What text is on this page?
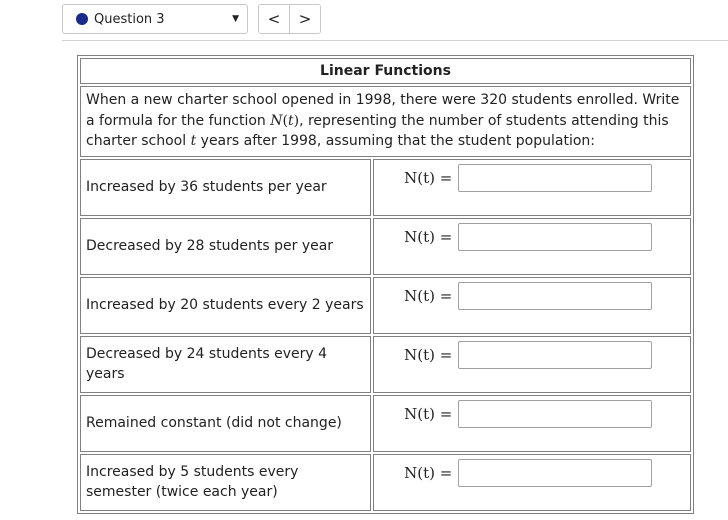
Question 3	▼	<	>
Linear Functions	
When a new charter school opened in 1998, there were 320 students enrolled. Write a formula for the function N(t), representing the number of students attending this charter school t years after 1998, assuming that the student population:	
Increased by 36 students per year	N(t) =

Decreased by 28 students per year	N(t) =

Increased by 20 students every 2 years	N(t) =

Decreased by 24 students every 4 years	N(t) =

Remained constant (did not change)	N(t) =

Increased by 5 students every semester (twice each year)	N(t) =
